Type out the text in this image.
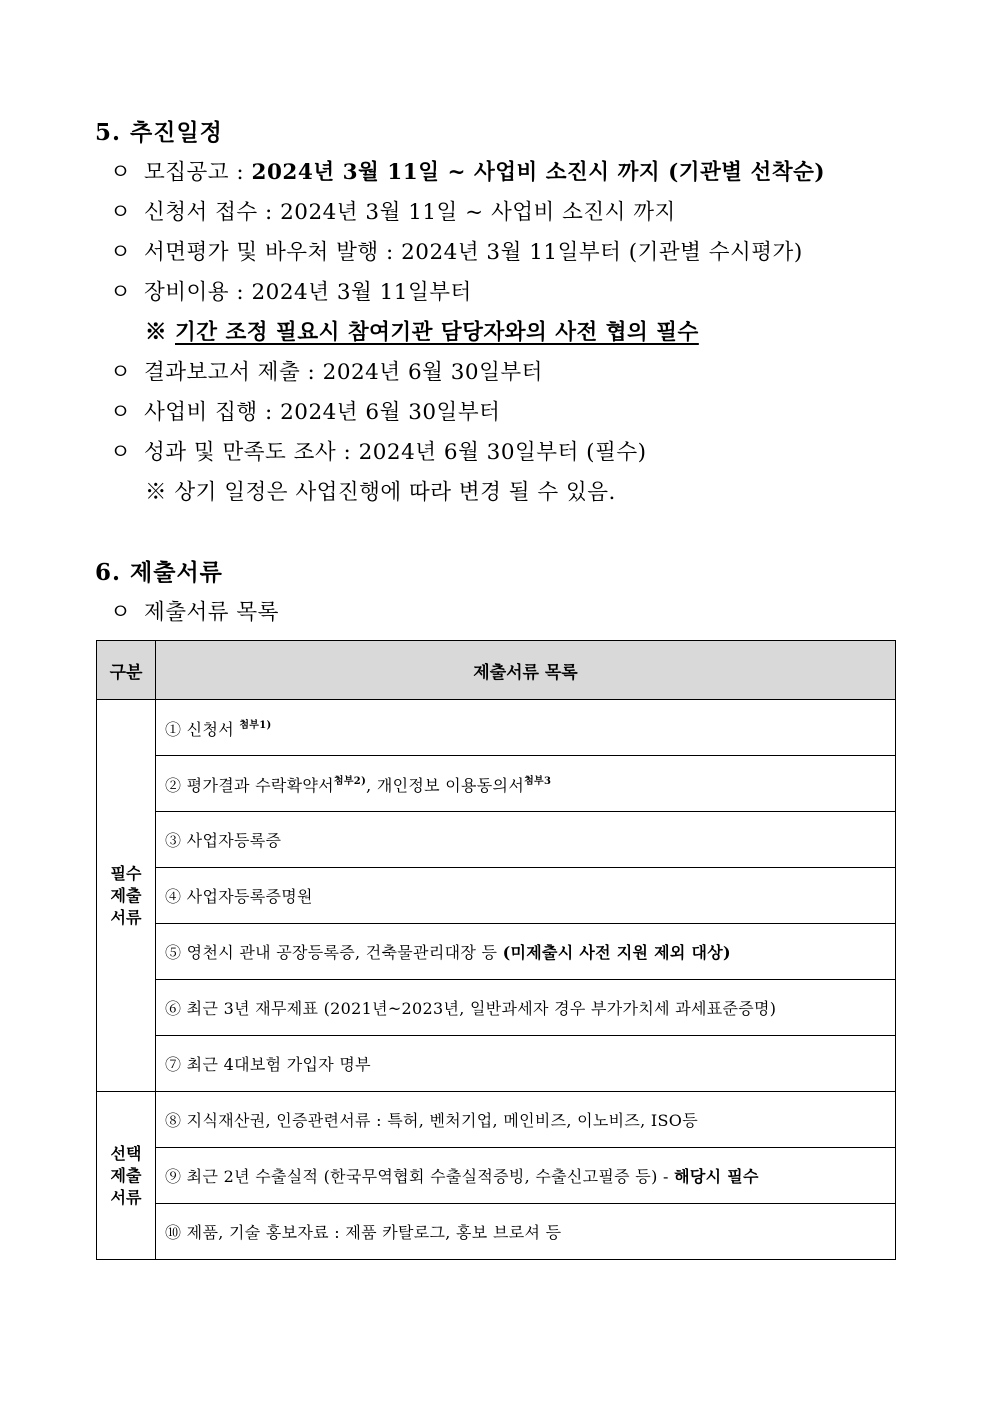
5. 추진일정
ㅇ 모집공고 : 2024년 3월 11일 ~ 사업비 소진시 까지 (기관별 선착순)
ㅇ 신청서 접수 : 2024년 3월 11일 ~ 사업비 소진시 까지
ㅇ 서면평가 및 바우처 발행 : 2024년 3월 11일부터 (기관별 수시평가)
ㅇ 장비이용 : 2024년 3월 11일부터
※ 기간 조정 필요시 참여기관 담당자와의 사전 협의 필수
ㅇ 결과보고서 제출 : 2024년 6월 30일부터
ㅇ 사업비 집행 : 2024년 6월 30일부터
ㅇ 성과 및 만족도 조사 : 2024년 6월 30일부터 (필수)
※ 상기 일정은 사업진행에 따라 변경 될 수 있음.
6. 제출서류
ㅇ 제출서류 목록
구분	제출서류 목록

필수
제출
서류	① 신청서 $^{첨부1)}$
	② 평가결과 수락확약서$^{첨부2)}$, 개인정보 이용동의서$^{첨부3}$
	③ 사업자등록증
	④ 사업자등록증명원
	⑤ 영천시 관내 공장등록증, 건축물관리대장 등 (미제출시 사전 지원 제외 대상)
	⑥ 최근 3년 재무제표 (2021년~2023년, 일반과세자 경우 부가가치세 과세표준증명)
	⑦ 최근 4대보험 가입자 명부

선택
제출
서류	⑧ 지식재산권, 인증관련서류 : 특허, 벤처기업, 메인비즈, 이노비즈, ISO등
	⑨ 최근 2년 수출실적 (한국무역협회 수출실적증빙, 수출신고필증 등) - 해당시 필수
	⑩ 제품, 기술 홍보자료 : 제품 카탈로그, 홍보 브로셔 등
